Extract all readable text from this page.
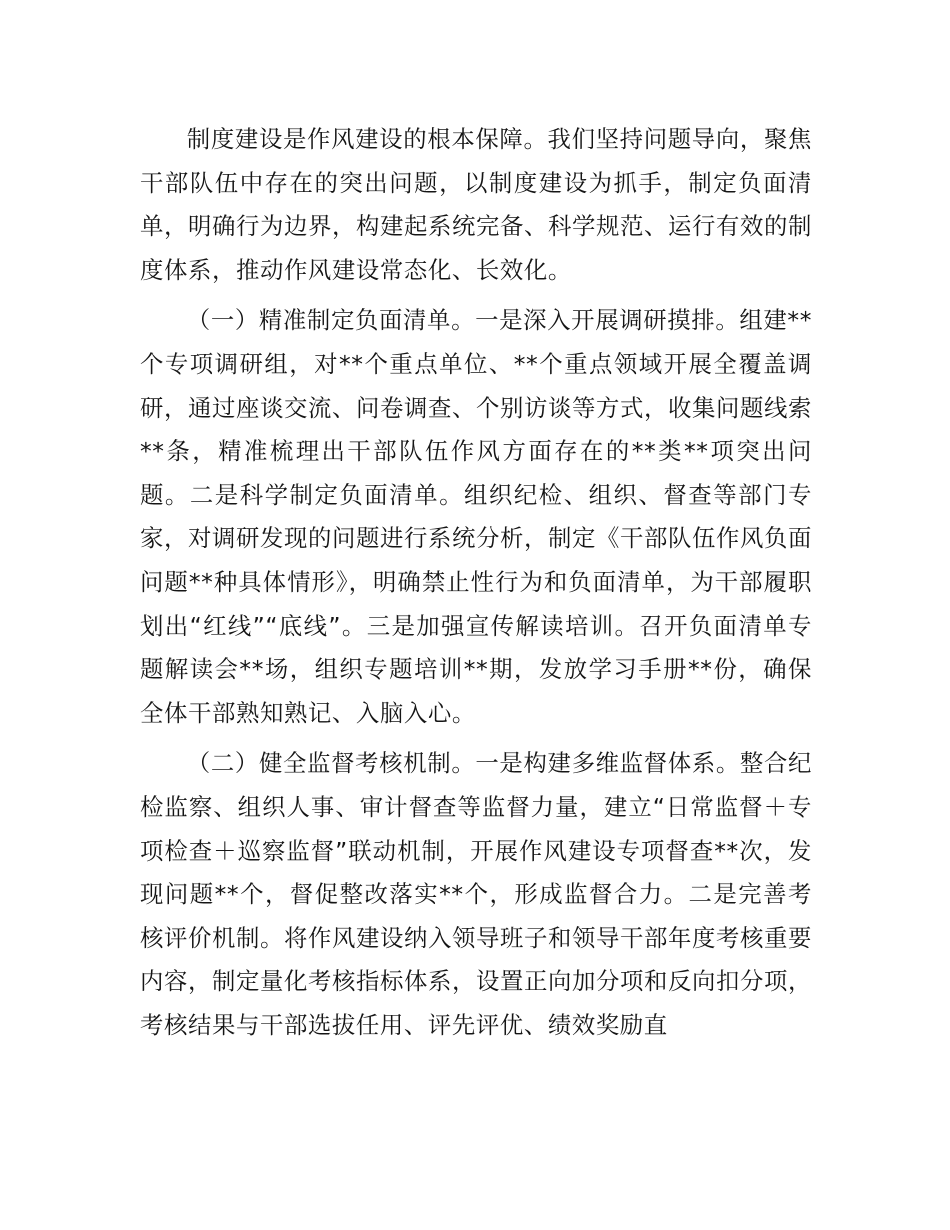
制度建设是作风建设的根本保障。我们坚持问题导向，聚焦干部队伍中存在的突出问题，以制度建设为抓手，制定负面清单，明确行为边界，构建起系统完备、科学规范、运行有效的制度体系，推动作风建设常态化、长效化。

（一）精准制定负面清单。一是深入开展调研摸排。组建**个专项调研组，对**个重点单位、**个重点领域开展全覆盖调研，通过座谈交流、问卷调查、个别访谈等方式，收集问题线索**条，精准梳理出干部队伍作风方面存在的**类**项突出问题。二是科学制定负面清单。组织纪检、组织、督查等部门专家，对调研发现的问题进行系统分析，制定《干部队伍作风负面问题**种具体情形》，明确禁止性行为和负面清单，为干部履职划出“红线”“底线”。三是加强宣传解读培训。召开负面清单专题解读会**场，组织专题培训**期，发放学习手册**份，确保全体干部熟知熟记、入脑入心。

（二）健全监督考核机制。一是构建多维监督体系。整合纪检监察、组织人事、审计督查等监督力量，建立“日常监督＋专项检查＋巡察监督”联动机制，开展作风建设专项督查**次，发现问题**个，督促整改落实**个，形成监督合力。二是完善考核评价机制。将作风建设纳入领导班子和领导干部年度考核重要内容，制定量化考核指标体系，设置正向加分项和反向扣分项，考核结果与干部选拔任用、评先评优、绩效奖励直
